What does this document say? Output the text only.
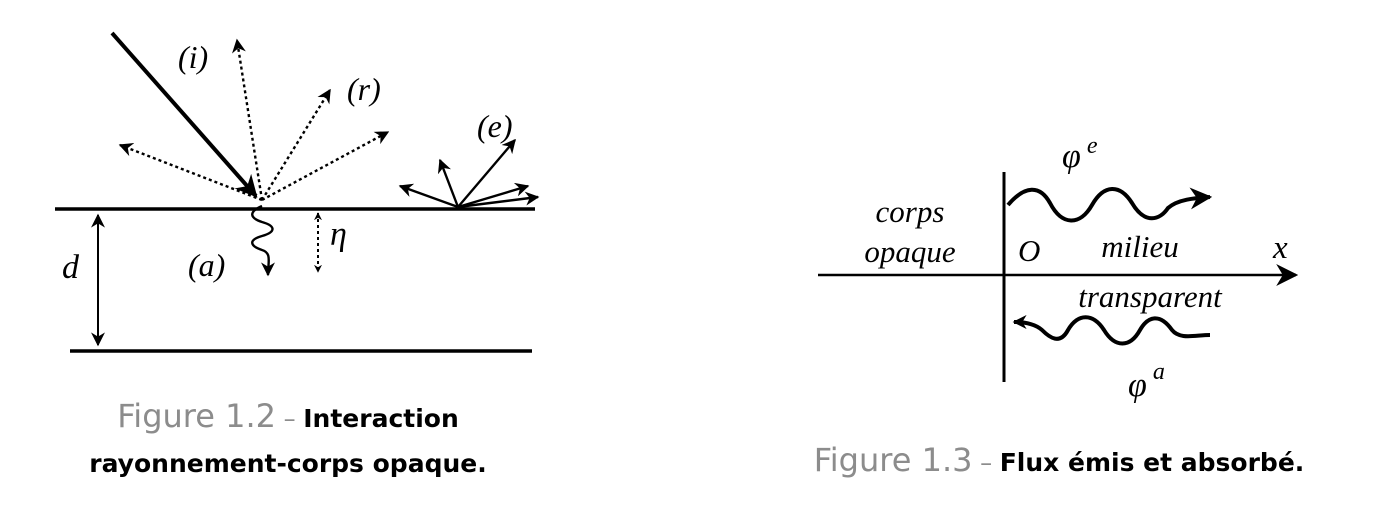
(i)
(r)
(e)
(a)
d
η
Figure 1.2 – Interaction
rayonnement-corps opaque.
corps
opaque O milieu
transparent
x
φ $^e$
φ $^a$
Figure 1.3 – Flux émis et absorbé.
